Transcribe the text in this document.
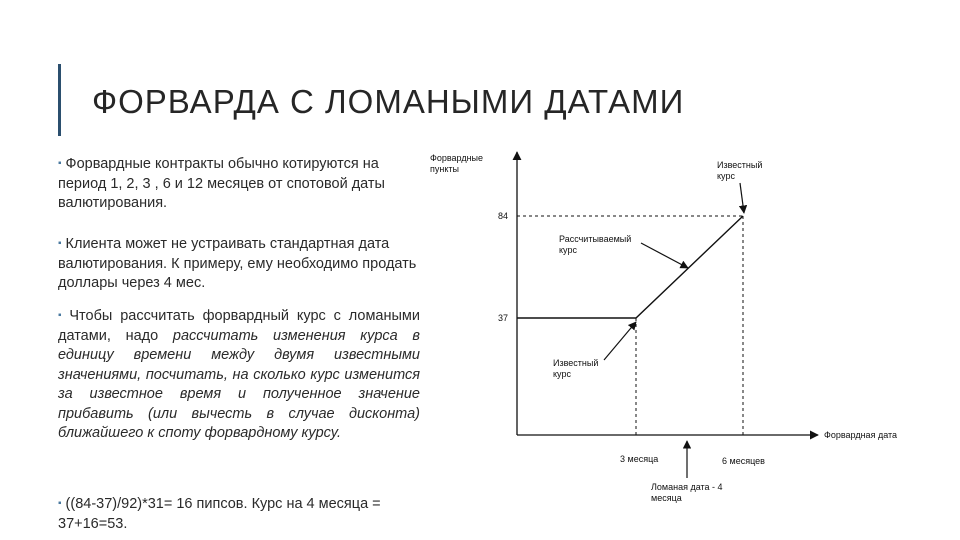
ФОРВАРДА С ЛОМАНЫМИ ДАТАМИ
▪ Форвардные контракты обычно котируются на период 1, 2, 3 , 6 и 12 месяцев от спотовой даты валютирования.
▪ Клиента может не устраивать стандартная дата валютирования. К примеру, ему необходимо продать доллары через 4 мес.
▪ Чтобы рассчитать форвардный курс с ломаными датами, надо рассчитать изменения курса в единицу времени между двумя известными значениями, посчитать, на сколько курс изменится за известное время и полученное значение прибавить (или вычесть в случае дисконта) ближайшего к споту форвардному курсу.
▪ ((84-37)/92)*31= 16 пипсов. Курс на 4 месяца = 37+16=53.
Форвардные пункты
84
37
Известный курс
Рассчитываемый курс
Известный курс
Форвардная дата
3 месяца	6 месяцев
Ломаная дата - 4 месяца
